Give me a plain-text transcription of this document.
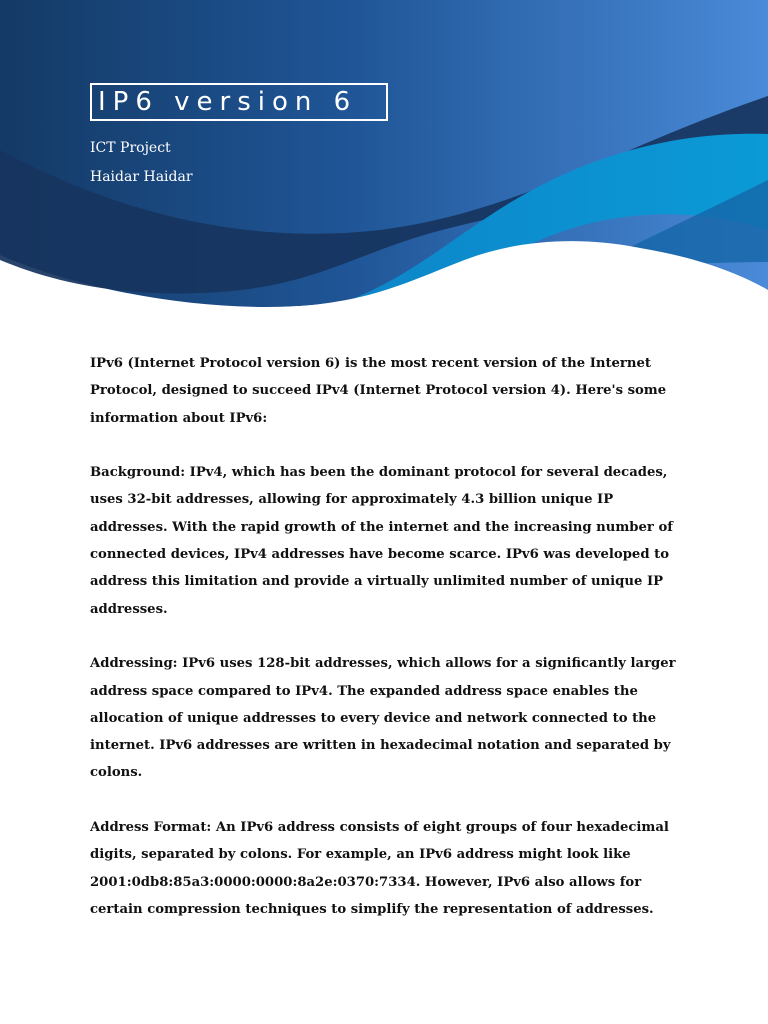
IP6 version 6
ICT Project
Haidar Haidar

IPv6 (Internet Protocol version 6) is the most recent version of the Internet Protocol, designed to succeed IPv4 (Internet Protocol version 4). Here's some information about IPv6:

Background: IPv4, which has been the dominant protocol for several decades, uses 32-bit addresses, allowing for approximately 4.3 billion unique IP addresses. With the rapid growth of the internet and the increasing number of connected devices, IPv4 addresses have become scarce. IPv6 was developed to address this limitation and provide a virtually unlimited number of unique IP addresses.

Addressing: IPv6 uses 128-bit addresses, which allows for a significantly larger address space compared to IPv4. The expanded address space enables the allocation of unique addresses to every device and network connected to the internet. IPv6 addresses are written in hexadecimal notation and separated by colons.

Address Format: An IPv6 address consists of eight groups of four hexadecimal digits, separated by colons. For example, an IPv6 address might look like 2001:0db8:85a3:0000:0000:8a2e:0370:7334. However, IPv6 also allows for certain compression techniques to simplify the representation of addresses.
